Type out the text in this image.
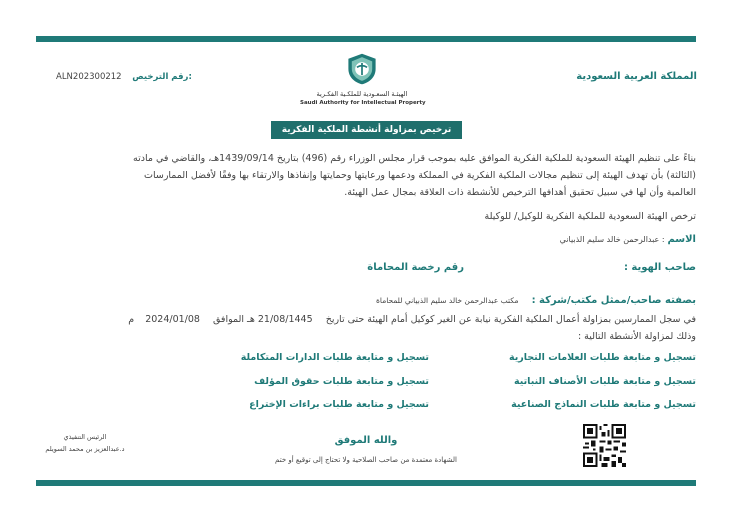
المملكة العربية السعودية
ALN202300212 رقم الترخيص:
الهيئـة السعـودية للملكـية الفكـرية
Saudi Authority for Intellectual Property
ترخيص بمزاولة أنشطة الملكية الفكرية
بناءً على تنظيم الهيئة السعودية للملكية الفكرية الموافق عليه بموجب قرار مجلس الوزراء رقم (496) بتاريخ 1439/09/14هـ، والقاضي في مادته
(الثالثة) بأن تهدف الهيئة إلى تنظيم مجالات الملكية الفكرية في المملكة ودعمها ورعايتها وحمايتها وإنفاذها والارتقاء بها وفقًا لأفضل الممارسات
العالمية وأن لها في سبيل تحقيق أهدافها الترخيص للأنشطة ذات العلاقة بمجال عمل الهيئة.
ترخص الهيئة السعودية للملكية الفكرية للوكيل/ للوكيلة
الاسم : عبدالرحمن خالد سليم الذبياني
صاحب الهوية :
رقم رخصة المحاماة
بصفته صاحب/ممثل مكتب/شركة : مكتب عبدالرحمن خالد سليم الذبياني للمحاماة
في سجل الممارسين بمزاولة أعمال الملكية الفكرية نيابة عن الغير كوكيل أمام الهيئة حتى تاريخ 21/08/1445 هـ الموافق 2024/01/08 م
وذلك لمزاولة الأنشطة التالية :
تسجيل و متابعة طلبات العلامات التجارية
تسجيل و متابعة طلبات الأصناف النباتية
تسجيل و متابعة طلبات النماذج الصناعية
تسجيل و متابعة طلبات الدارات المتكاملة
تسجيل و متابعة طلبات حقوق المؤلف
تسجيل و متابعة طلبات براءات الإختراع
والله الموفق
الشهادة معتمدة من صاحب الصلاحية ولا تحتاج إلى توقيع أو ختم
الرئيس التنفيذي
د.عبدالعزيز بن محمد السويلم
